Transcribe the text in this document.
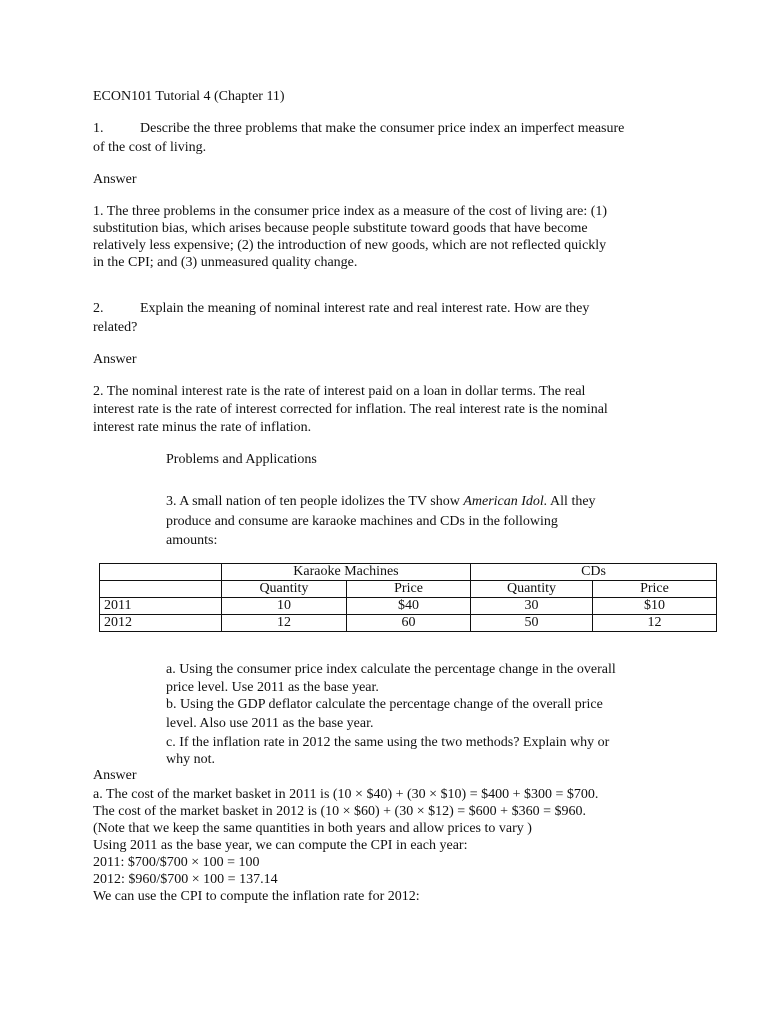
ECON101 Tutorial 4 (Chapter 11)
1.	Describe the three problems that make the consumer price index an imperfect measure
of the cost of living.
Answer
1. The three problems in the consumer price index as a measure of the cost of living are: (1)
substitution bias, which arises because people substitute toward goods that have become
relatively less expensive; (2) the introduction of new goods, which are not reflected quickly
in the CPI; and (3) unmeasured quality change.
2.	Explain the meaning of nominal interest rate and real interest rate. How are they
related?
Answer
2. The nominal interest rate is the rate of interest paid on a loan in dollar terms. The real
interest rate is the rate of interest corrected for inflation. The real interest rate is the nominal
interest rate minus the rate of inflation.
Problems and Applications
3. A small nation of ten people idolizes the TV show American Idol. All they
produce and consume are karaoke machines and CDs in the following
amounts:
	Karaoke Machines		CDs	
	Quantity	Price	Quantity	Price
2011	10	$40	30	$10
2012	12	60	50	12
a. Using the consumer price index calculate the percentage change in the overall
price level. Use 2011 as the base year.
b. Using the GDP deflator calculate the percentage change of the overall price
level. Also use 2011 as the base year.
c. If the inflation rate in 2012 the same using the two methods? Explain why or
why not.
Answer
a. The cost of the market basket in 2011 is (10 × $40) + (30 × $10) = $400 + $300 = $700.
The cost of the market basket in 2012 is (10 × $60) + (30 × $12) = $600 + $360 = $960.
(Note that we keep the same quantities in both years and allow prices to vary )
Using 2011 as the base year, we can compute the CPI in each year:
2011: $700/$700 × 100 = 100
2012: $960/$700 × 100 = 137.14
We can use the CPI to compute the inflation rate for 2012:
